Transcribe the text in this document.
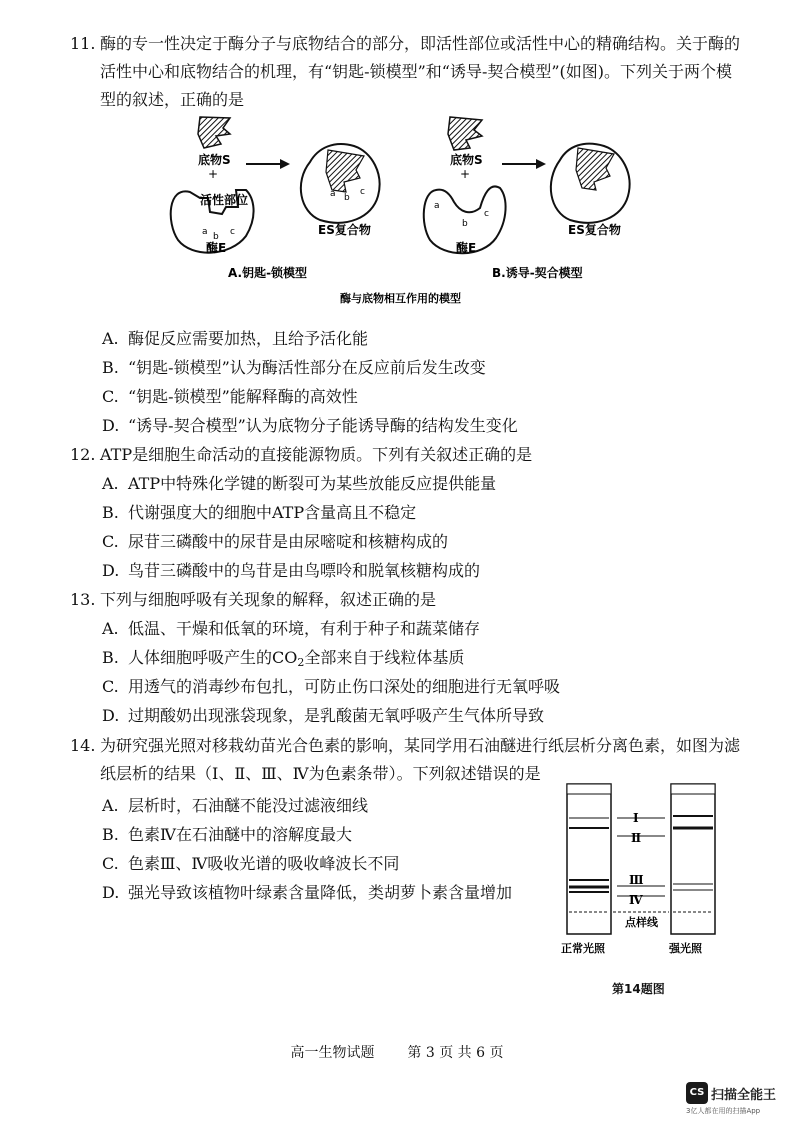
11. 酶的专一性决定于酶分子与底物结合的部分，即活性部位或活性中心的精确结构。关于酶的活性中心和底物结合的机理，有“钥匙-锁模型”和“诱导-契合模型”(如图)。下列关于两个模型的叙述，正确的是
底物S
+
活性部位
a b c
酶E
a b
c
ES复合物
底物S
+
a
b
c
酶E
ES复合物
A.钥匙-锁模型	B.诱导-契合模型
酶与底物相互作用的模型
A. 酶促反应需要加热，且给予活化能
B. “钥匙-锁模型”认为酶活性部分在反应前后发生改变
C. “钥匙-锁模型”能解释酶的高效性
D. “诱导-契合模型”认为底物分子能诱导酶的结构发生变化
12. ATP是细胞生命活动的直接能源物质。下列有关叙述正确的是
A. ATP中特殊化学键的断裂可为某些放能反应提供能量
B. 代谢强度大的细胞中ATP含量高且不稳定
C. 尿苷三磷酸中的尿苷是由尿嘧啶和核糖构成的
D. 鸟苷三磷酸中的鸟苷是由鸟嘌呤和脱氧核糖构成的
13. 下列与细胞呼吸有关现象的解释，叙述正确的是
A. 低温、干燥和低氧的环境，有利于种子和蔬菜储存
B. 人体细胞呼吸产生的$CO_2$全部来自于线粒体基质
C. 用透气的消毒纱布包扎，可防止伤口深处的细胞进行无氧呼吸
D. 过期酸奶出现涨袋现象，是乳酸菌无氧呼吸产生气体所导致
14. 为研究强光照对移栽幼苗光合色素的影响，某同学用石油醚进行纸层析分离色素，如图为滤纸层析的结果（Ⅰ、Ⅱ、Ⅲ、Ⅳ为色素条带）。下列叙述错误的是
A. 层析时，石油醚不能没过滤液细线
B. 色素Ⅳ在石油醚中的溶解度最大
C. 色素Ⅲ、Ⅳ吸收光谱的吸收峰波长不同
D. 强光导致该植物叶绿素含量降低，类胡萝卜素含量增加
Ⅰ
Ⅱ
Ⅲ
Ⅳ
点样线
正常光照	强光照
第14题图
高一生物试题 第 3 页 共 6 页
CS 扫描全能王
3亿人都在用的扫描App
